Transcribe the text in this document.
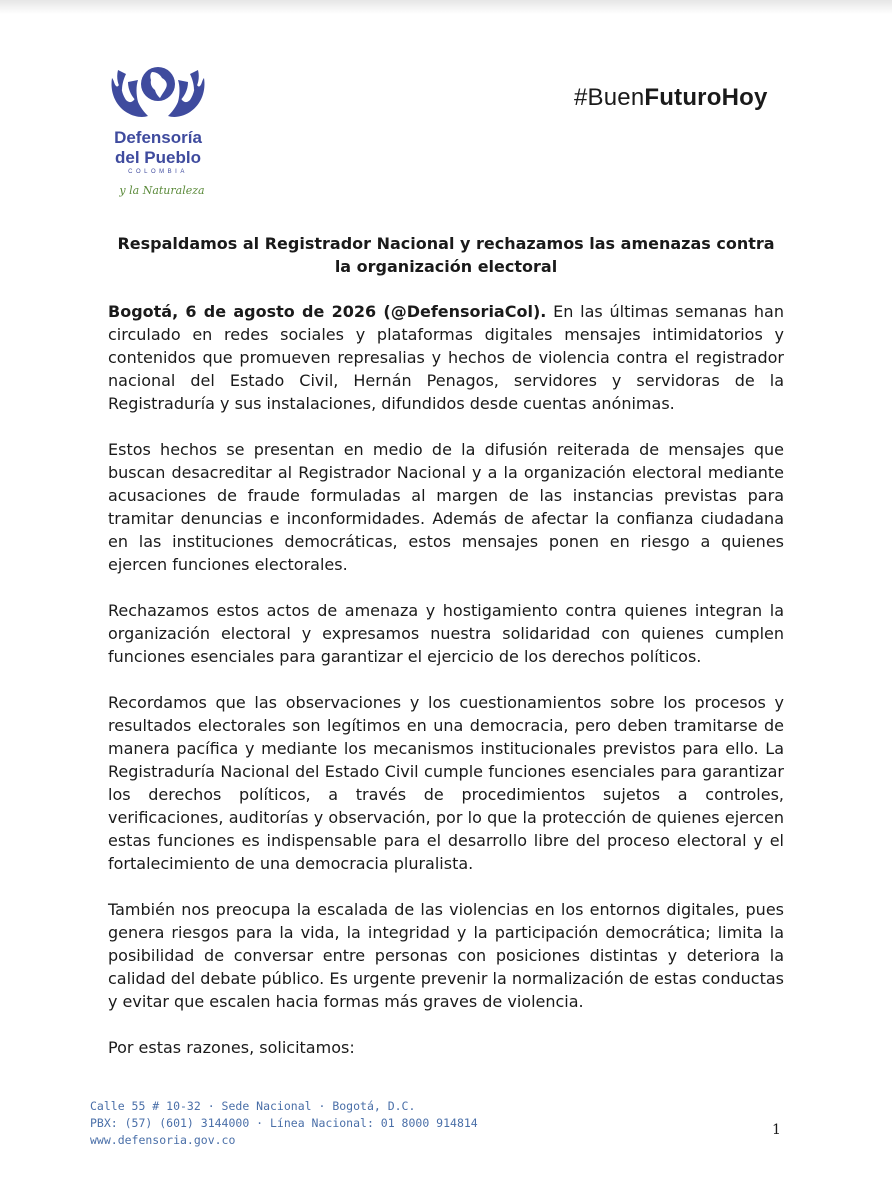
Defensoría
del Pueblo
COLOMBIA
y la Naturaleza
#BuenFuturoHoy
Respaldamos al Registrador Nacional y rechazamos las amenazas contra la organización electoral

Bogotá, 6 de agosto de 2026 (@DefensoriaCol). En las últimas semanas han circulado en redes sociales y plataformas digitales mensajes intimidatorios y contenidos que promueven represalias y hechos de violencia contra el registrador nacional del Estado Civil, Hernán Penagos, servidores y servidoras de la Registraduría y sus instalaciones, difundidos desde cuentas anónimas.

Estos hechos se presentan en medio de la difusión reiterada de mensajes que buscan desacreditar al Registrador Nacional y a la organización electoral mediante acusaciones de fraude formuladas al margen de las instancias previstas para tramitar denuncias e inconformidades. Además de afectar la confianza ciudadana en las instituciones democráticas, estos mensajes ponen en riesgo a quienes ejercen funciones electorales.

Rechazamos estos actos de amenaza y hostigamiento contra quienes integran la organización electoral y expresamos nuestra solidaridad con quienes cumplen funciones esenciales para garantizar el ejercicio de los derechos políticos.

Recordamos que las observaciones y los cuestionamientos sobre los procesos y resultados electorales son legítimos en una democracia, pero deben tramitarse de manera pacífica y mediante los mecanismos institucionales previstos para ello. La Registraduría Nacional del Estado Civil cumple funciones esenciales para garantizar los derechos políticos, a través de procedimientos sujetos a controles, verificaciones, auditorías y observación, por lo que la protección de quienes ejercen estas funciones es indispensable para el desarrollo libre del proceso electoral y el fortalecimiento de una democracia pluralista.

También nos preocupa la escalada de las violencias en los entornos digitales, pues genera riesgos para la vida, la integridad y la participación democrática; limita la posibilidad de conversar entre personas con posiciones distintas y deteriora la calidad del debate público. Es urgente prevenir la normalización de estas conductas y evitar que escalen hacia formas más graves de violencia.

Por estas razones, solicitamos:

Calle 55 # 10-32 · Sede Nacional · Bogotá, D.C.
PBX: (57) (601) 3144000 · Línea Nacional: 01 8000 914814
www.defensoria.gov.co
1
